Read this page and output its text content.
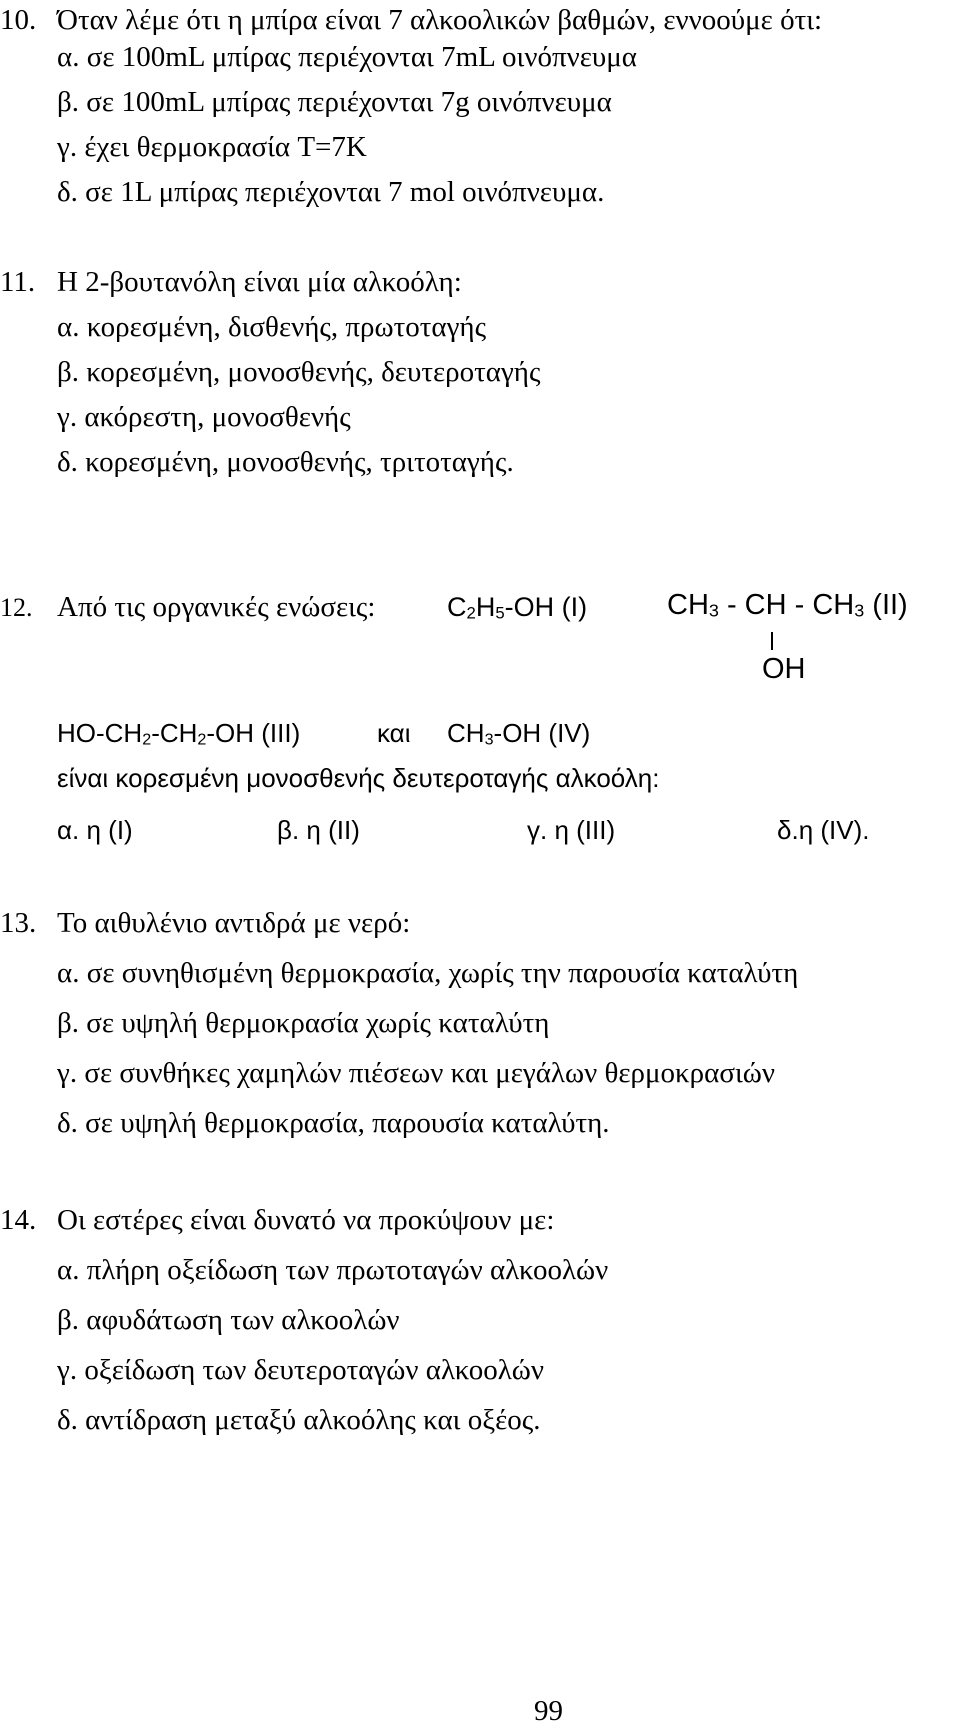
10. Όταν λέμε ότι η μπίρα είναι 7 αλκοολικών βαθμών, εννοούμε ότι:
α. σε 100mL μπίρας περιέχονται 7mL οινόπνευμα
β. σε 100mL μπίρας περιέχονται 7g οινόπνευμα
γ. έχει θερμοκρασία T=7K
δ. σε 1L μπίρας περιέχονται 7 mol οινόπνευμα.
11. Η 2-βουτανόλη είναι μία αλκοόλη:
α. κορεσμένη, δισθενής, πρωτοταγής
β. κορεσμένη, μονοσθενής, δευτεροταγής
γ. ακόρεστη, μονοσθενής
δ. κορεσμένη, μονοσθενής, τριτοταγής.
12. Από τις οργανικές ενώσεις:	$C_2H_5-OH$ (I)	$CH_3$ - CH - $CH_3$ (II)
OH
$HO-CH_2-CH_2-OH$ (III)	και $CH_3-OH$ (IV)
είναι κορεσμένη μονοσθενής δευτεροταγής αλκοόλη:
α. η (I)	β. η (II)	γ. η (III)	δ.η (IV).
13. Το αιθυλένιο αντιδρά με νερό:
α. σε συνηθισμένη θερμοκρασία, χωρίς την παρουσία καταλύτη
β. σε υψηλή θερμοκρασία χωρίς καταλύτη
γ. σε συνθήκες χαμηλών πιέσεων και μεγάλων θερμοκρασιών
δ. σε υψηλή θερμοκρασία, παρουσία καταλύτη.
14. Οι εστέρες είναι δυνατό να προκύψουν με:
α. πλήρη οξείδωση των πρωτοταγών αλκοολών
β. αφυδάτωση των αλκοολών
γ. οξείδωση των δευτεροταγών αλκοολών
δ. αντίδραση μεταξύ αλκοόλης και οξέος.
99
